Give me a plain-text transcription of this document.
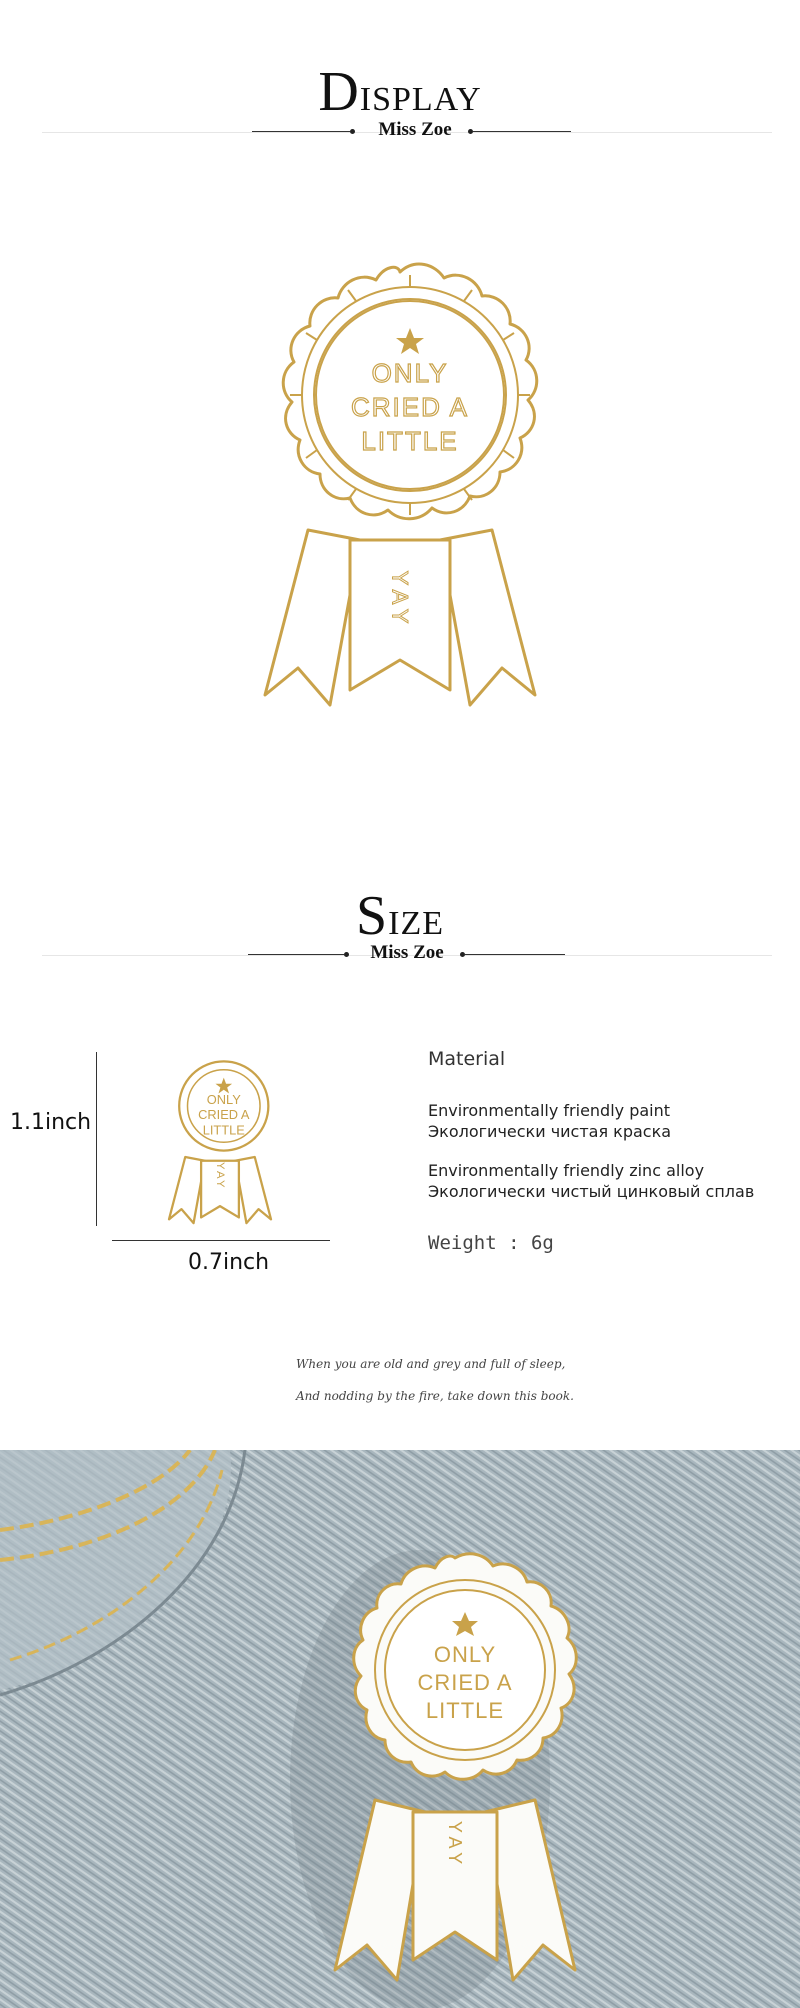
DISPLAY
Miss Zoe
ONLY
CRIED A
LITTLE
YAY
SIZE
Miss Zoe
1.1inch
0.7inch
ONLY
CRIED A
LITTLE
YAY
Material
Environmentally friendly paint
Экологически чистая краска
Environmentally friendly zinc alloy
Экологически чистый цинковый сплав
Weight : 6g
When you are old and grey and full of sleep,
And nodding by the fire, take down this book.
ONLY
CRIED A
LITTLE
YAY
